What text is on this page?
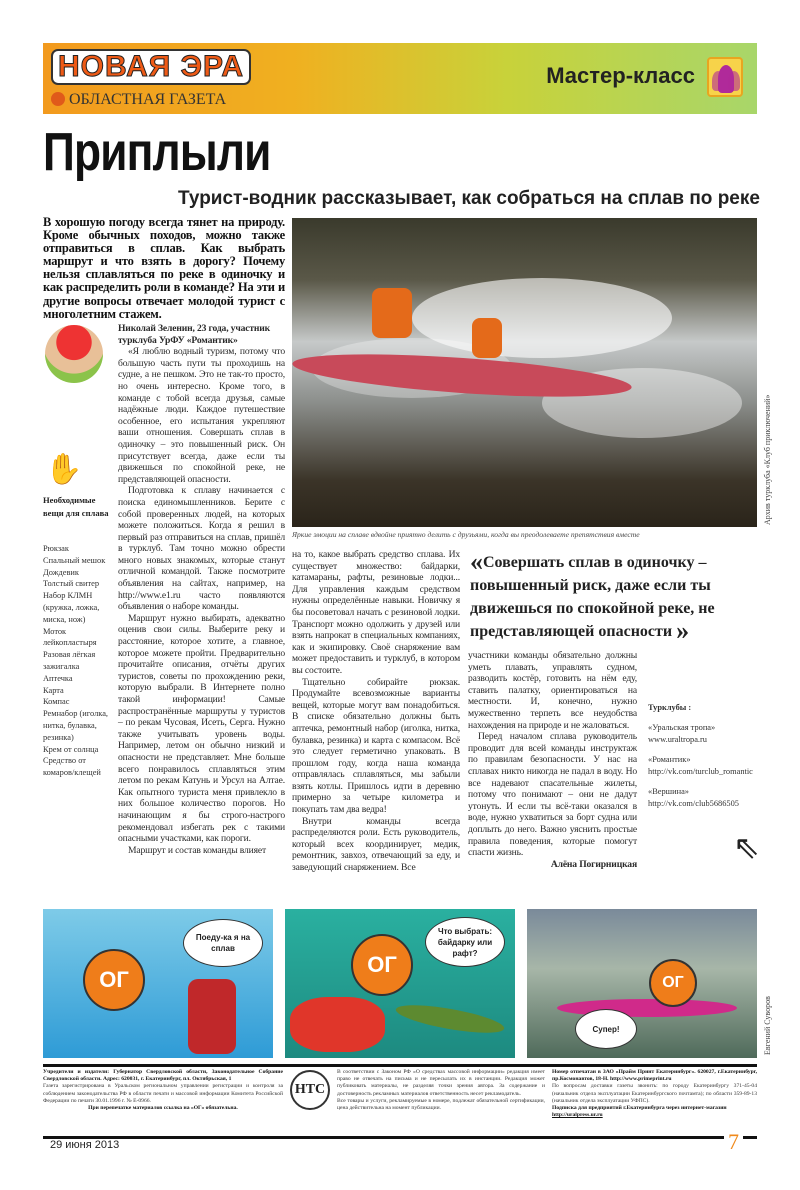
НОВАЯ ЭРА
ОБЛАСТНАЯ ГАЗЕТА
Мастер-класс
Приплыли
Турист-водник рассказывает, как собраться на сплав по реке
В хорошую погоду всегда тянет на природу. Кроме обычных походов, можно также отправиться в сплав. Как выбрать маршрут и что взять в дорогу? Почему нельзя сплавляться по реке в одиночку и как распределить роли в команде? На эти и другие вопросы отвечает молодой турист с многолетним стажем.
Яркие эмоции на сплаве вдвойне приятно делить с друзьями, когда вы преодолеваете препятствия вместе
Архив турклуба «Клуб приключений»
✋
Необходимые вещи для сплава
Рюкзак
Спальный мешок
Дождевик
Толстый свитер
Набор КЛМН (кружка, ложка, миска, нож)
Моток лейкопластыря
Разовая лёгкая зажигалка
Аптечка
Карта
Компас
Ремнабор (иголка, нитка, булавка, резинка)
Крем от солнца
Средство от комаров/клещей

Николай Зеленин, 23 года, участник турклуба УрФУ «Романтик»

«Я люблю водный туризм, потому что большую часть пути ты проходишь на судне, а не пешком. Это не так-то просто, но очень интересно. Кроме того, в команде с тобой всегда друзья, самые надёжные люди. Каждое путешествие особенное, его испытания укрепляют ваши отношения. Совершать сплав в одиночку – это повышенный риск. Он присутствует всегда, даже если ты движешься по спокойной реке, не представляющей опасности.

Подготовка к сплаву начинается с поиска единомышленников. Берите с собой проверенных людей, на которых можете положиться. Когда я решил в первый раз отправиться на сплав, пришёл в турклуб. Там точно можно обрести много новых знакомых, которые станут отличной командой. Также посмотрите объявления на сайтах, например, на http://www.e1.ru часто появляются объявления о наборе команды.

Маршрут нужно выбирать, адекватно оценив свои силы. Выберите реку и расстояние, которое хотите, а главное, которое можете пройти. Предварительно прочитайте описания, отчёты других туристов, советы по прохождению реки, которую выбрали. В Интернете полно такой информации! Самые распространённые маршруты у туристов – по рекам Чусовая, Исеть, Серга. Нужно также учитывать уровень воды. Например, летом он обычно низкий и опасности не представляет. Мне больше всего понравилось сплавляться этим летом по рекам Катунь и Урсул на Алтае. Как опытного туриста меня привлекло в них большое количество порогов. Но начинающим я бы строго-настрого рекомендовал избегать рек с такими опасными участками, как пороги.

Маршрут и состав команды влияет

на то, какое выбрать средство сплава. Их существует множество: байдарки, катамараны, рафты, резиновые лодки... Для управления каждым средством нужны определённые навыки. Новичку я бы посоветовал начать с резиновой лодки. Транспорт можно одолжить у друзей или взять напрокат в специальных компаниях, как и экипировку. Своё снаряжение вам может предоставить и турклуб, в котором вы состоите.

Тщательно собирайте рюкзак. Продумайте всевозможные варианты вещей, которые могут вам понадобиться. В списке обязательно должны быть аптечка, ремонтный набор (иголка, нитка, булавка, резинка) и карта с компасом. Всё это следует герметично упаковать. В прошлом году, когда наша команда отправлялась сплавляться, мы забыли взять котлы. Пришлось идти в деревню примерно за четыре километра и покупать там два ведра!

Внутри команды всегда распределяются роли. Есть руководитель, который всех координирует, медик, ремонтник, завхоз, отвечающий за еду, и заведующий снаряжением. Все

«Совершать сплав в одиночку – повышенный риск, даже если ты движешься по спокойной реке, не представляющей опасности »

участники команды обязательно должны уметь плавать, управлять судном, разводить костёр, готовить на нём еду, ставить палатку, ориентироваться на местности. И, конечно, нужно мужественно терпеть все неудобства нахождения на природе и не жаловаться.

Перед началом сплава руководитель проводит для всей команды инструктаж по правилам безопасности. У нас на сплавах никто никогда не падал в воду. Но все надевают спасательные жилеты, потому что понимают – они не дадут утонуть. И если ты всё-таки оказался в воде, нужно ухватиться за борт судна или доплыть до него. Важно уяснить простые правила поведения, которые помогут спасти жизнь.

Алёна Погирницкая

Турклубы :
«Уральская тропа»
www.uraltropa.ru
«Романтик»
http://vk.com/turclub_romantic
«Вершина»
http://vk.com/club5686505
⇖
Поеду-ка я на сплав
ОГ
Что выбрать: байдарку или рафт?
ОГ
ОГ
Супер!	Евгений Суворов
Учредители и издатели: Губернатор Свердловской области, Законодательное Собрание Свердловской области. Адрес: 620031, г. Екатеринбург, пл. Октябрьская, 1
Газета зарегистрирована в Уральском региональном управлении регистрации и контроля за соблюдением законодательства РФ в области печати и массовой информации Комитета Российской Федерации по печати 30.01.1996 г. № Е-0966.

При перепечатке материалов ссылка на «ОГ» обязательна.
НТС
В соответствии с Законом РФ «О средствах массовой информации» редакция имеет право не отвечать на письма и не пересылать их в инстанции. Редакция может публиковать материалы, не разделяя точки зрения автора. За содержание и достоверность рекламных материалов ответственность несет рекламодатель.
Все товары и услуги, рекламируемые в номере, подлежат обязательной сертификации, цена действительна на момент публикации.
Номер отпечатан в ЗАО «Прайм Принт Екатеринбург». 620027, г.Екатеринбург, пр.Космонавтов, 18-Н. http://www.primeprint.ru
По вопросам доставки газеты звонить: по городу Екатеринбургу 371-45-04 (начальник отдела эксплуатации Екатеринбургского почтамта); по области 359-89-13 (начальник отдела эксплуатации УФПС).
Подписка для предприятий г.Екатеринбурга через интернет-магазин
http://uralpress.ur.ru
29 июня 2013	7
